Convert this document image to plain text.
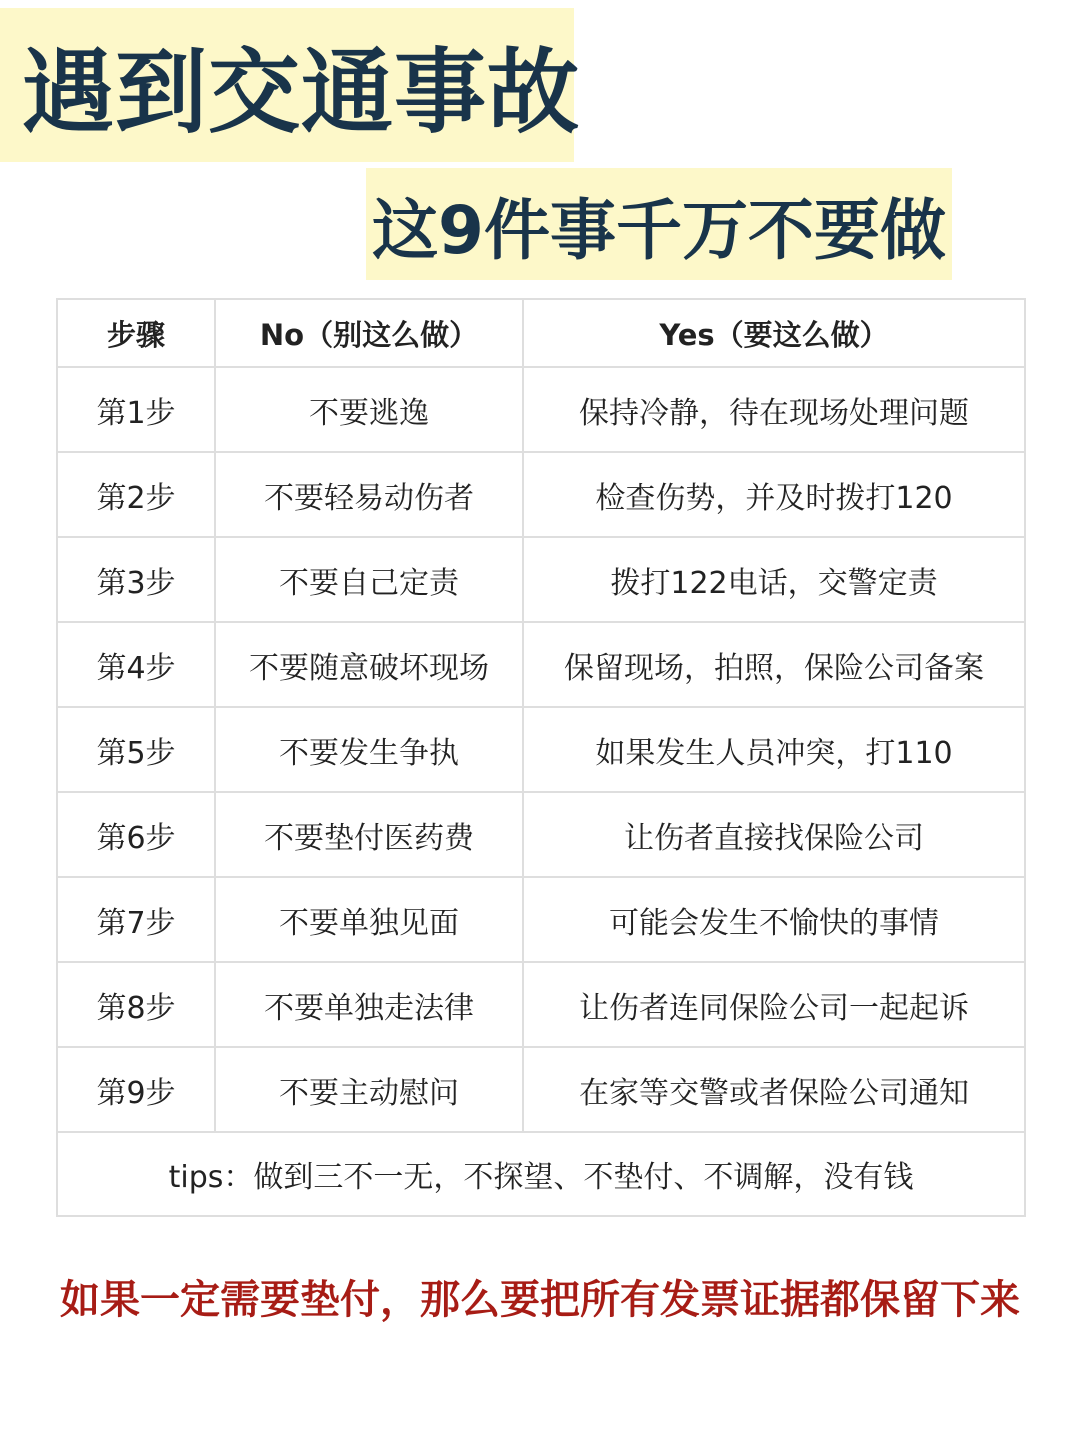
遇到交通事故
这9件事千万不要做
步骤	No（别这么做）	Yes（要这么做）
第1步	不要逃逸	保持冷静，待在现场处理问题
第2步	不要轻易动伤者	检查伤势，并及时拨打120
第3步	不要自己定责	拨打122电话，交警定责
第4步	不要随意破坏现场	保留现场，拍照，保险公司备案
第5步	不要发生争执	如果发生人员冲突，打110
第6步	不要垫付医药费	让伤者直接找保险公司
第7步	不要单独见面	可能会发生不愉快的事情
第8步	不要单独走法律	让伤者连同保险公司一起起诉
第9步	不要主动慰问	在家等交警或者保险公司通知
tips：做到三不一无，不探望、不垫付、不调解，没有钱		
如果一定需要垫付，那么要把所有发票证据都保留下来
